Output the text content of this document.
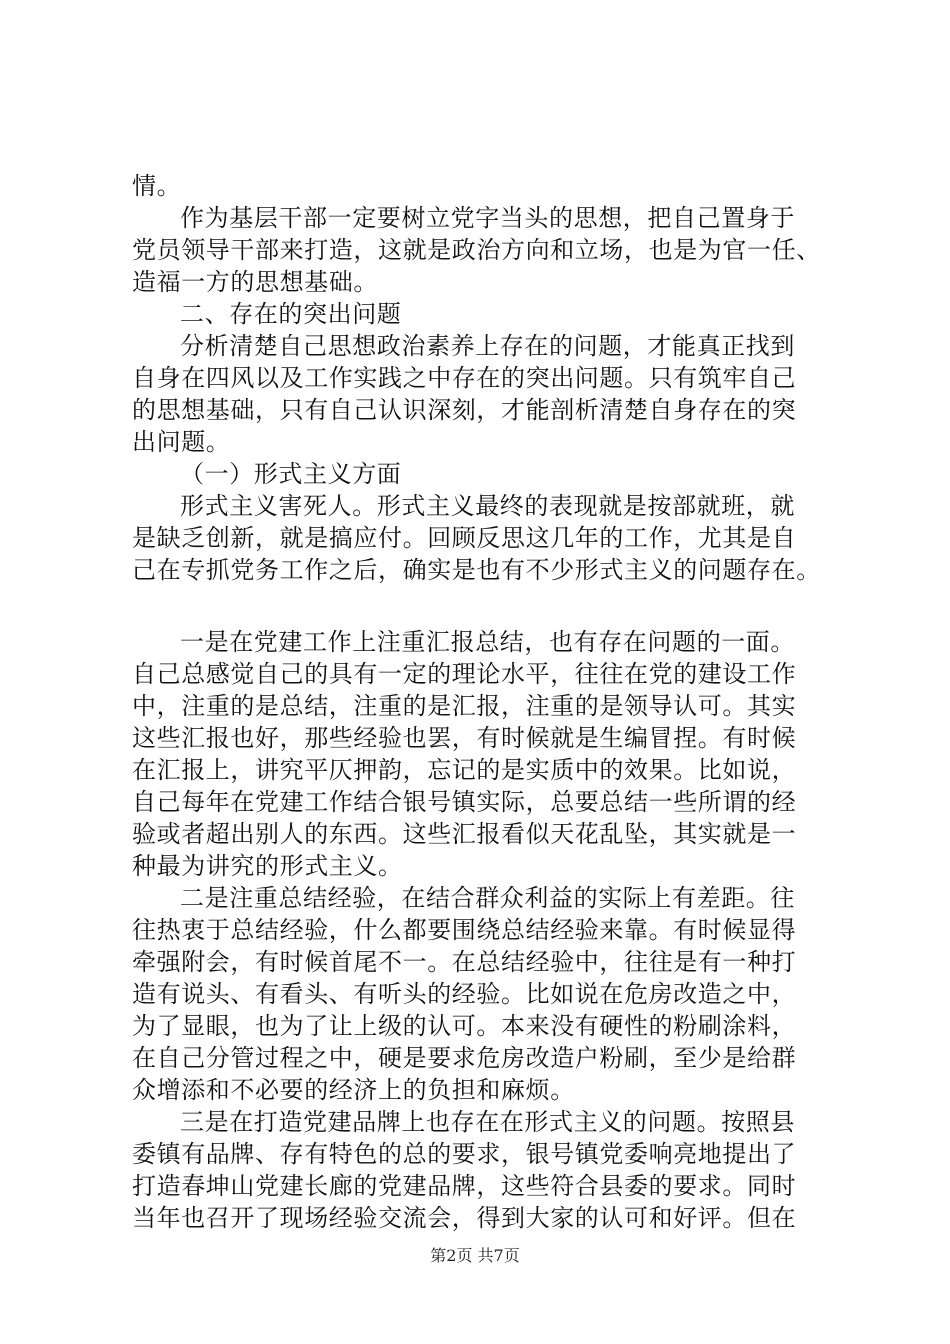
情。
作为基层干部一定要树立党字当头的思想，把自己置身于
党员领导干部来打造，这就是政治方向和立场，也是为官一任、
造福一方的思想基础。
二、存在的突出问题
分析清楚自己思想政治素养上存在的问题，才能真正找到
自身在四风以及工作实践之中存在的突出问题。只有筑牢自己
的思想基础，只有自己认识深刻，才能剖析清楚自身存在的突
出问题。
（一）形式主义方面
形式主义害死人。形式主义最终的表现就是按部就班，就
是缺乏创新，就是搞应付。回顾反思这几年的工作，尤其是自
己在专抓党务工作之后，确实是也有不少形式主义的问题存在。
一是在党建工作上注重汇报总结，也有存在问题的一面。
自己总感觉自己的具有一定的理论水平，往往在党的建设工作
中，注重的是总结，注重的是汇报，注重的是领导认可。其实
这些汇报也好，那些经验也罢，有时候就是生编冒捏。有时候
在汇报上，讲究平仄押韵，忘记的是实质中的效果。比如说，
自己每年在党建工作结合银号镇实际，总要总结一些所谓的经
验或者超出别人的东西。这些汇报看似天花乱坠，其实就是一
种最为讲究的形式主义。
二是注重总结经验，在结合群众利益的实际上有差距。往
往热衷于总结经验，什么都要围绕总结经验来靠。有时候显得
牵强附会，有时候首尾不一。在总结经验中，往往是有一种打
造有说头、有看头、有听头的经验。比如说在危房改造之中，
为了显眼，也为了让上级的认可。本来没有硬性的粉刷涂料，
在自己分管过程之中，硬是要求危房改造户粉刷，至少是给群
众增添和不必要的经济上的负担和麻烦。
三是在打造党建品牌上也存在在形式主义的问题。按照县
委镇有品牌、存有特色的总的要求，银号镇党委响亮地提出了
打造春坤山党建长廊的党建品牌，这些符合县委的要求。同时
当年也召开了现场经验交流会，得到大家的认可和好评。但在
第2页 共7页
